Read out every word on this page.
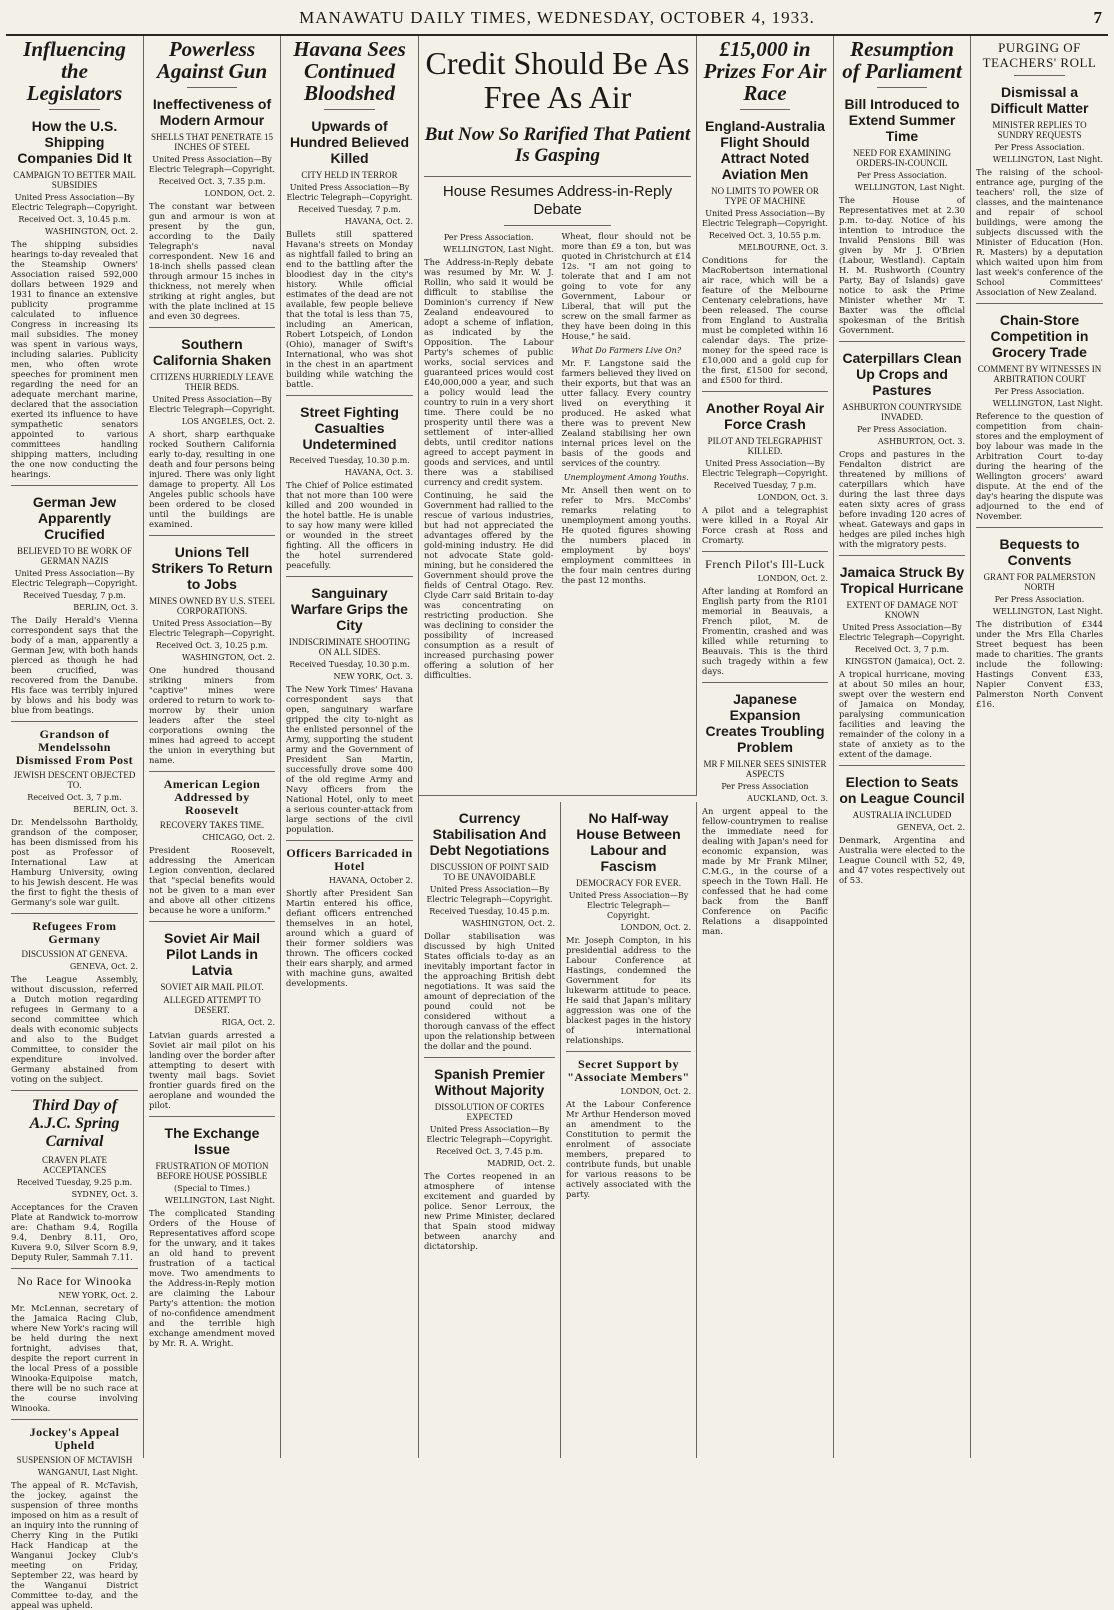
MANAWATU DAILY TIMES, WEDNESDAY, OCTOBER 4, 1933.	7
Influencing the Legislators
How the U.S. Shipping Companies Did It
CAMPAIGN TO BETTER MAIL SUBSIDIES
United Press Association—By Electric Telegraph—Copyright.
Received Oct. 3, 10.45 p.m.
WASHINGTON, Oct. 2.
The shipping subsidies hearings to-day revealed that the Steamship Owners' Association raised 592,000 dollars between 1929 and 1931 to finance an extensive publicity programme calculated to influence Congress in increasing its mail subsidies. The money was spent in various ways, including salaries. Publicity men, who often wrote speeches for prominent men regarding the need for an adequate merchant marine, declared that the association exerted its influence to have sympathetic senators appointed to various committees handling shipping matters, including the one now conducting the hearings.
German Jew Apparently Crucified
BELIEVED TO BE WORK OF GERMAN NAZIS
United Press Association—By Electric Telegraph—Copyright.
Received Tuesday, 7 p.m.
BERLIN, Oct. 3.
The Daily Herald's Vienna correspondent says that the body of a man, apparently a German Jew, with both hands pierced as though he had been crucified, was recovered from the Danube. His face was terribly injured by blows and his body was blue from beatings.
Grandson of Mendelssohn Dismissed From Post
JEWISH DESCENT OBJECTED TO.
Received Oct. 3, 7 p.m.
BERLIN, Oct. 3.
Dr. Mendelssohn Bartholdy, grandson of the composer, has been dismissed from his post as Professor of International Law at Hamburg University, owing to his Jewish descent. He was the first to fight the thesis of Germany's sole war guilt.
Refugees From Germany
DISCUSSION AT GENEVA.
GENEVA, Oct. 2.
The League Assembly, without discussion, referred a Dutch motion regarding refugees in Germany to a second committee which deals with economic subjects and also to the Budget Committee, to consider the expenditure involved. Germany abstained from voting on the subject.
Third Day of A.J.C. Spring Carnival
CRAVEN PLATE ACCEPTANCES
Received Tuesday, 9.25 p.m.
SYDNEY, Oct. 3.
Acceptances for the Craven Plate at Randwick to-morrow are: Chatham 9.4, Rogilla 9.4, Denbry 8.11, Oro, Kuvera 9.0, Silver Scorn 8.9, Deputy Ruler, Sammah 7.11.
No Race for Winooka
NEW YORK, Oct. 2.
Mr. McLennan, secretary of the Jamaica Racing Club, where New York's racing will be held during the next fortnight, advises that, despite the report current in the local Press of a possible Winooka-Equipoise match, there will be no such race at the course involving Winooka.
Jockey's Appeal Upheld
SUSPENSION OF MCTAVISH
WANGANUI, Last Night.
The appeal of R. McTavish, the jockey, against the suspension of three months imposed on him as a result of an inquiry into the running of Cherry King in the Putiki Hack Handicap at the Wanganui Jockey Club's meeting on Friday, September 22, was heard by the Wanganui District Committee to-day, and the appeal was upheld.
Powerless Against Gun
Ineffectiveness of Modern Armour
SHELLS THAT PENETRATE 15 INCHES OF STEEL
United Press Association—By Electric Telegraph—Copyright.
Received Oct. 3, 7.35 p.m.
LONDON, Oct. 2.
The constant war between gun and armour is won at present by the gun, according to the Daily Telegraph's naval correspondent. New 16 and 18-inch shells passed clean through armour 15 inches in thickness, not merely when striking at right angles, but with the plate inclined at 15 and even 30 degrees.
Southern California Shaken
CITIZENS HURRIEDLY LEAVE THEIR BEDS.
United Press Association—By Electric Telegraph—Copyright.
LOS ANGELES, Oct. 2.
A short, sharp earthquake rocked Southern California early to-day, resulting in one death and four persons being injured. There was only light damage to property. All Los Angeles public schools have been ordered to be closed until the buildings are examined.
Unions Tell Strikers To Return to Jobs
MINES OWNED BY U.S. STEEL CORPORATIONS.
United Press Association—By Electric Telegraph—Copyright.
Received Oct. 3, 10.25 p.m.
WASHINGTON, Oct. 2.
One hundred thousand striking miners from "captive" mines were ordered to return to work to-morrow by their union leaders after the steel corporations owning the mines had agreed to accept the union in everything but name.
American Legion Addressed by Roosevelt
RECOVERY TAKES TIME.
CHICAGO, Oct. 2.
President Roosevelt, addressing the American Legion convention, declared that "special benefits would not be given to a man ever and above all other citizens because he wore a uniform."
Soviet Air Mail Pilot Lands in Latvia
SOVIET AIR MAIL PILOT.
ALLEGED ATTEMPT TO DESERT.
RIGA, Oct. 2.
Latvian guards arrested a Soviet air mail pilot on his landing over the border after attempting to desert with twenty mail bags. Soviet frontier guards fired on the aeroplane and wounded the pilot.
The Exchange Issue
FRUSTRATION OF MOTION BEFORE HOUSE POSSIBLE
(Special to Times.)
WELLINGTON, Last Night.
The complicated Standing Orders of the House of Representatives afford scope for the unwary, and it takes an old hand to prevent frustration of a tactical move. Two amendments to the Address-in-Reply motion are claiming the Labour Party's attention: the motion of no-confidence amendment and the terrible high exchange amendment moved by Mr. R. A. Wright.
Havana Sees Continued Bloodshed
Upwards of Hundred Believed Killed
CITY HELD IN TERROR
United Press Association—By Electric Telegraph—Copyright.
Received Tuesday, 7 p.m.
HAVANA, Oct. 2.
Bullets still spattered Havana's streets on Monday as nightfall failed to bring an end to the battling after the bloodiest day in the city's history. While official estimates of the dead are not available, few people believe that the total is less than 75, including an American, Robert Lotspeich, of London (Ohio), manager of Swift's International, who was shot in the chest in an apartment building while watching the battle.
Street Fighting Casualties Undetermined
Received Tuesday, 10.30 p.m.
HAVANA, Oct. 3.
The Chief of Police estimated that not more than 100 were killed and 200 wounded in the hotel battle. He is unable to say how many were killed or wounded in the street fighting. All the officers in the hotel surrendered peacefully.
Sanguinary Warfare Grips the City
INDISCRIMINATE SHOOTING ON ALL SIDES.
Received Tuesday, 10.30 p.m.
NEW YORK, Oct. 3.
The New York Times' Havana correspondent says that open, sanguinary warfare gripped the city to-night as the enlisted personnel of the Army, supporting the student army and the Government of President San Martin, successfully drove some 400 of the old regime Army and Navy officers from the National Hotel, only to meet a serious counter-attack from large sections of the civil population.
Officers Barricaded in Hotel
HAVANA, October 2.
Shortly after President San Martin entered his office, defiant officers entrenched themselves in an hotel, around which a guard of their former soldiers was thrown. The officers cocked their ears sharply, and armed with machine guns, awaited developments.
Credit Should Be As Free As Air
But Now So Rarified That Patient Is Gasping
House Resumes Address-in-Reply Debate
Per Press Association.
WELLINGTON, Last Night.
The Address-in-Reply debate was resumed by Mr. W. J. Rollin, who said it would be difficult to stabilise the Dominion's currency if New Zealand endeavoured to adopt a scheme of inflation, as indicated by the Opposition. The Labour Party's schemes of public works, social services and guaranteed prices would cost £40,000,000 a year, and such a policy would lead the country to ruin in a very short time. There could be no prosperity until there was a settlement of inter-allied debts, until creditor nations agreed to accept payment in goods and services, and until there was a stabilised currency and credit system.
Continuing, he said the Government had rallied to the rescue of various industries, but had not appreciated the advantages offered by the gold-mining industry. He did not advocate State gold-mining, but he considered the Government should prove the fields of Central Otago. Rev. Clyde Carr said Britain to-day was concentrating on restricting production. She was declining to consider the possibility of increased consumption as a result of increased purchasing power offering a solution of her difficulties.
Wheat, flour should not be more than £9 a ton, but was quoted in Christchurch at £14 12s. "I am not going to tolerate that and I am not going to vote for any Government, Labour or Liberal, that will put the screw on the small farmer as they have been doing in this House," he said.
What Do Farmers Live On?
Mr. F. Langstone said the farmers believed they lived on their exports, but that was an utter fallacy. Every country lived on everything it produced. He asked what there was to prevent New Zealand stabilising her own internal prices level on the basis of the goods and services of the country.
Unemployment Among Youths.
Mr. Ansell then went on to refer to Mrs. McCombs' remarks relating to unemployment among youths. He quoted figures showing the numbers placed in employment by boys' employment committees in the four main centres during the past 12 months.
Currency Stabilisation And Debt Negotiations
DISCUSSION OF POINT SAID TO BE UNAVOIDABLE
United Press Association—By Electric Telegraph—Copyright.
Received Tuesday, 10.45 p.m.
WASHINGTON, Oct. 2.
Dollar stabilisation was discussed by high United States officials to-day as an inevitably important factor in the approaching British debt negotiations. It was said the amount of depreciation of the pound could not be considered without a thorough canvass of the effect upon the relationship between the dollar and the pound.
Spanish Premier Without Majority
DISSOLUTION OF CORTES EXPECTED
United Press Association—By Electric Telegraph—Copyright.
Received Oct. 3, 7.45 p.m.
MADRID, Oct. 2.
The Cortes reopened in an atmosphere of intense excitement and guarded by police. Senor Lerroux, the new Prime Minister, declared that Spain stood midway between anarchy and dictatorship.
No Half-way House Between Labour and Fascism
DEMOCRACY FOR EVER.
United Press Association—By Electric Telegraph—Copyright.
LONDON, Oct. 2.
Mr. Joseph Compton, in his presidential address to the Labour Conference at Hastings, condemned the Government for its lukewarm attitude to peace. He said that Japan's military aggression was one of the blackest pages in the history of international relationships.
Secret Support by "Associate Members"
LONDON, Oct. 2.
At the Labour Conference Mr Arthur Henderson moved an amendment to the Constitution to permit the enrolment of associate members, prepared to contribute funds, but unable for various reasons to be actively associated with the party.
£15,000 in Prizes For Air Race
England-Australia Flight Should Attract Noted Aviation Men
NO LIMITS TO POWER OR TYPE OF MACHINE
United Press Association—By Electric Telegraph—Copyright.
Received Oct. 3, 10.55 p.m.
MELBOURNE, Oct. 3.
Conditions for the MacRobertson international air race, which will be a feature of the Melbourne Centenary celebrations, have been released. The course from England to Australia must be completed within 16 calendar days. The prize-money for the speed race is £10,000 and a gold cup for the first, £1500 for second, and £500 for third.
Another Royal Air Force Crash
PILOT AND TELEGRAPHIST KILLED.
United Press Association—By Electric Telegraph—Copyright.
Received Tuesday, 7 p.m.
LONDON, Oct. 3.
A pilot and a telegraphist were killed in a Royal Air Force crash at Ross and Cromarty.
French Pilot's Ill-Luck
LONDON, Oct. 2.
After landing at Romford an English party from the R101 memorial in Beauvais, a French pilot, M. de Fromentin, crashed and was killed while returning to Beauvais. This is the third such tragedy within a few days.
Japanese Expansion Creates Troubling Problem
MR F MILNER SEES SINISTER ASPECTS
Per Press Association
AUCKLAND, Oct. 3.
An urgent appeal to the fellow-countrymen to realise the immediate need for dealing with Japan's need for economic expansion, was made by Mr Frank Milner, C.M.G., in the course of a speech in the Town Hall. He confessed that he had come back from the Banff Conference on Pacific Relations a disappointed man.
Resumption of Parliament
Bill Introduced to Extend Summer Time
NEED FOR EXAMINING ORDERS-IN-COUNCIL
Per Press Association.
WELLINGTON, Last Night.
The House of Representatives met at 2.30 p.m. to-day. Notice of his intention to introduce the Invalid Pensions Bill was given by Mr J. O'Brien (Labour, Westland). Captain H. M. Rushworth (Country Party, Bay of Islands) gave notice to ask the Prime Minister whether Mr T. Baxter was the official spokesman of the British Government.
Caterpillars Clean Up Crops and Pastures
ASHBURTON COUNTRYSIDE INVADED.
Per Press Association.
ASHBURTON, Oct. 3.
Crops and pastures in the Fendalton district are threatened by millions of caterpillars which have during the last three days eaten sixty acres of grass before invading 120 acres of wheat. Gateways and gaps in hedges are piled inches high with the migratory pests.
Jamaica Struck By Tropical Hurricane
EXTENT OF DAMAGE NOT KNOWN
United Press Association—By Electric Telegraph—Copyright.
Received Oct. 3, 7 p.m.
KINGSTON (Jamaica), Oct. 2.
A tropical hurricane, moving at about 50 miles an hour, swept over the western end of Jamaica on Monday, paralysing communication facilities and leaving the remainder of the colony in a state of anxiety as to the extent of the damage.
Election to Seats on League Council
AUSTRALIA INCLUDED
GENEVA, Oct. 2.
Denmark, Argentina and Australia were elected to the League Council with 52, 49, and 47 votes respectively out of 53.
PURGING OF TEACHERS' ROLL
Dismissal a Difficult Matter
MINISTER REPLIES TO SUNDRY REQUESTS
Per Press Association.
WELLINGTON, Last Night.
The raising of the school-entrance age, purging of the teachers' roll, the size of classes, and the maintenance and repair of school buildings, were among the subjects discussed with the Minister of Education (Hon. R. Masters) by a deputation which waited upon him from last week's conference of the School Committees' Association of New Zealand.
Chain-Store Competition in Grocery Trade
COMMENT BY WITNESSES IN ARBITRATION COURT
Per Press Association.
WELLINGTON, Last Night.
Reference to the question of competition from chain-stores and the employment of boy labour was made in the Arbitration Court to-day during the hearing of the Wellington grocers' award dispute. At the end of the day's hearing the dispute was adjourned to the end of November.
Bequests to Convents
GRANT FOR PALMERSTON NORTH
Per Press Association.
WELLINGTON, Last Night.
The distribution of £344 under the Mrs Ella Charles Street bequest has been made to charities. The grants include the following: Hastings Convent £33, Napier Convent £33, Palmerston North Convent £16.
